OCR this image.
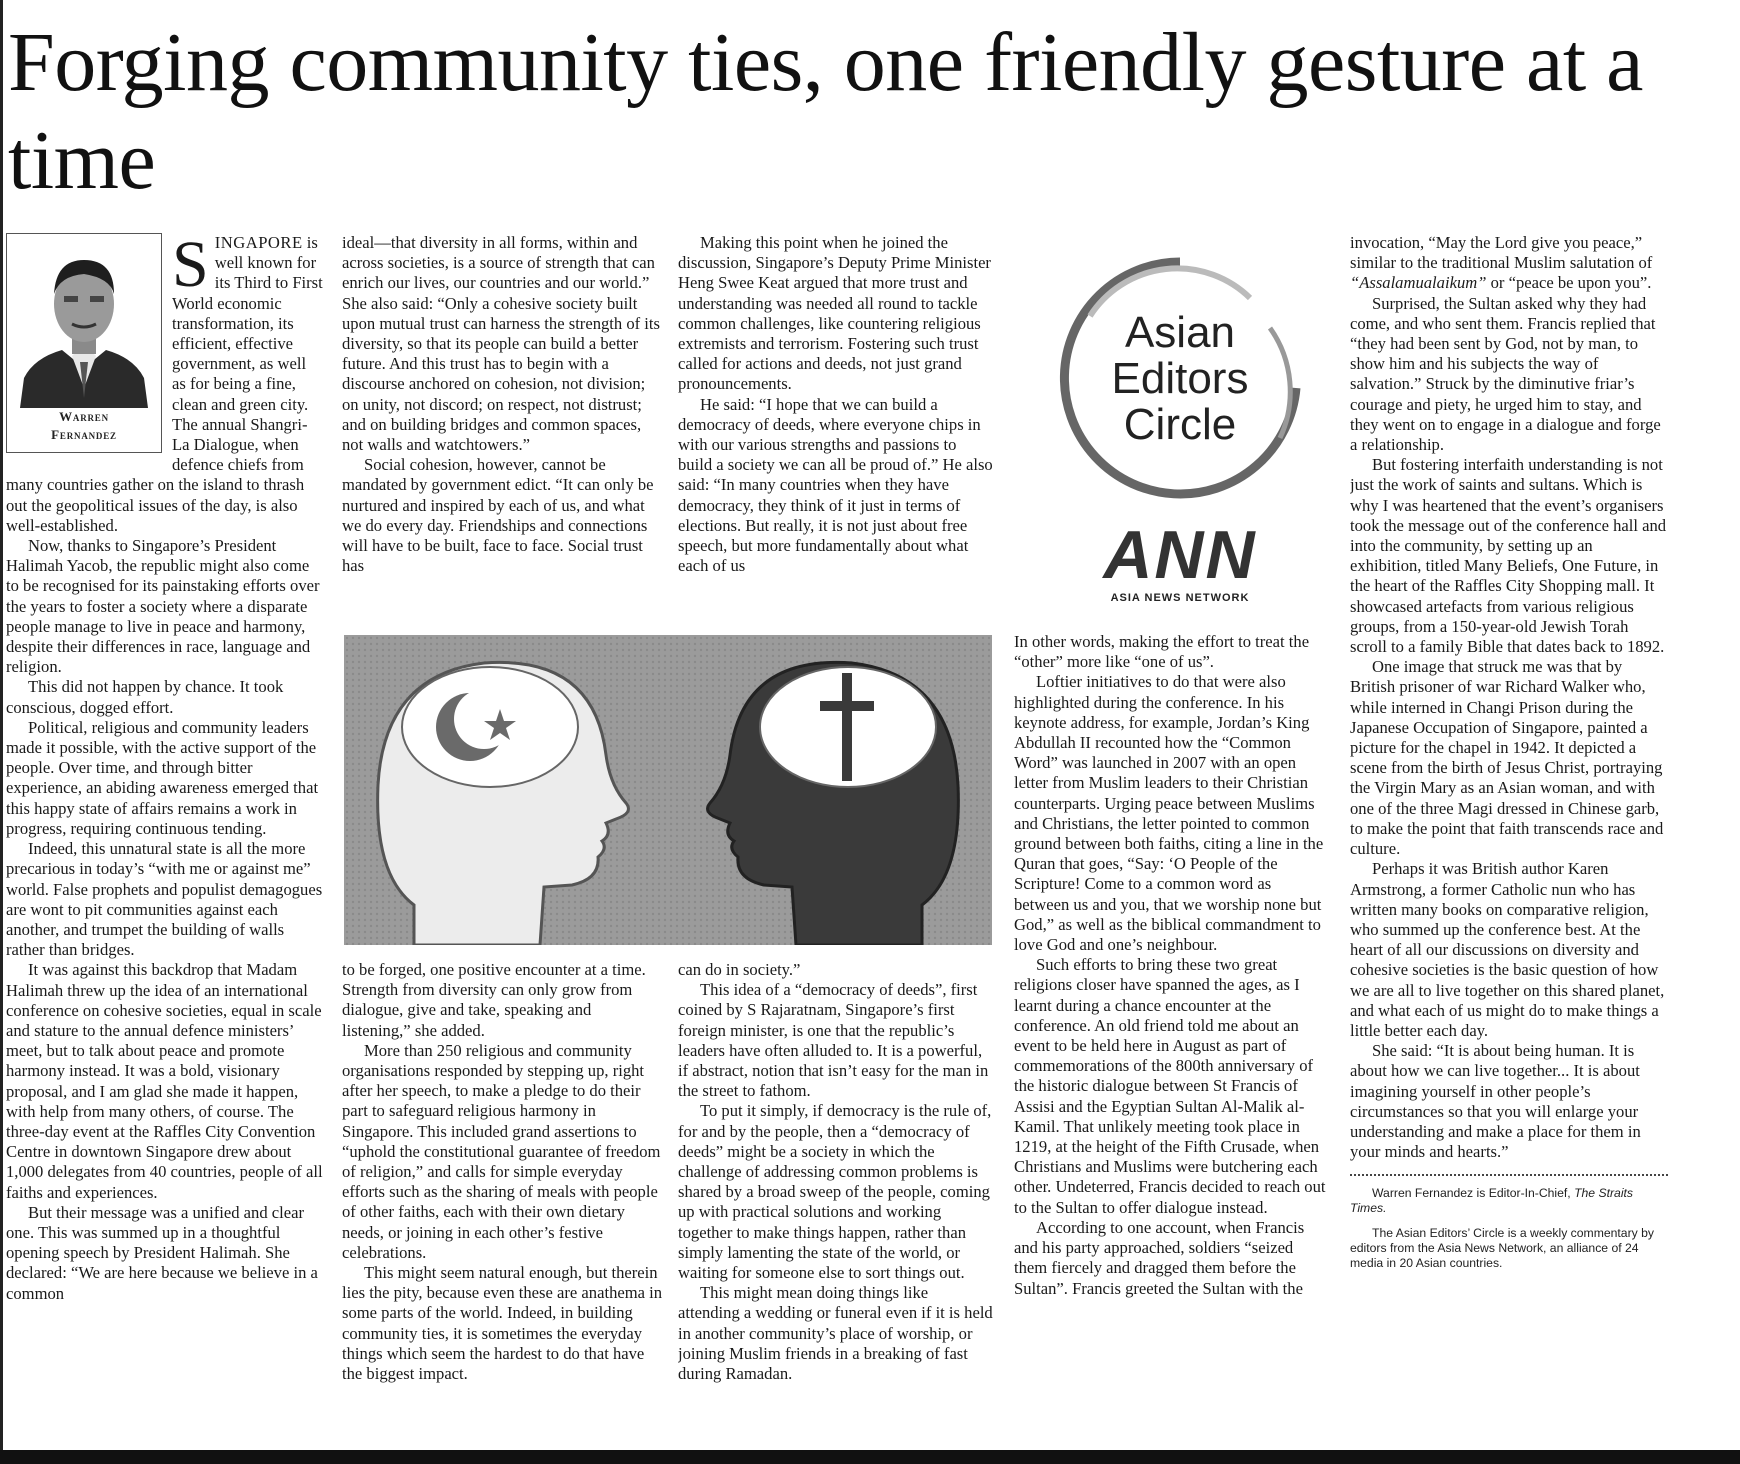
Forging community ties, one friendly gesture at a time
Warren
Fernandez

SINGAPORE is well known for its Third to First World economic transformation, its efficient, effective government, as well as for being a fine, clean and green city. The annual Shangri-La Dialogue, when defence chiefs from many countries gather on the island to thrash out the geopolitical issues of the day, is also well-established.

Now, thanks to Singapore’s President Halimah Yacob, the republic might also come to be recognised for its painstaking efforts over the years to foster a society where a disparate people manage to live in peace and harmony, despite their differences in race, language and religion.

This did not happen by chance. It took conscious, dogged effort.

Political, religious and community leaders made it possible, with the active support of the people. Over time, and through bitter experience, an abiding awareness emerged that this happy state of affairs remains a work in progress, requiring continuous tending.

Indeed, this unnatural state is all the more precarious in today’s “with me or against me” world. False prophets and populist demagogues are wont to pit communities against each another, and trumpet the building of walls rather than bridges.

It was against this backdrop that Madam Halimah threw up the idea of an international conference on cohesive societies, equal in scale and stature to the annual defence ministers’ meet, but to talk about peace and promote harmony instead. It was a bold, visionary proposal, and I am glad she made it happen, with help from many others, of course. The three-day event at the Raffles City Convention Centre in downtown Singapore drew about 1,000 delegates from 40 countries, people of all faiths and experiences.

But their message was a unified and clear one. This was summed up in a thoughtful opening speech by President Halimah. She declared: “We are here because we believe in a common

ideal—that diversity in all forms, within and across societies, is a source of strength that can enrich our lives, our countries and our world.” She also said: “Only a cohesive society built upon mutual trust can harness the strength of its diversity, so that its people can build a better future. And this trust has to begin with a discourse anchored on cohesion, not division; on unity, not discord; on respect, not distrust; and on building bridges and common spaces, not walls and watchtowers.”

Social cohesion, however, cannot be mandated by government edict. “It can only be nurtured and inspired by each of us, and what we do every day. Friendships and connections will have to be built, face to face. Social trust has

to be forged, one positive encounter at a time. Strength from diversity can only grow from dialogue, give and take, speaking and listening,” she added.

More than 250 religious and community organisations responded by stepping up, right after her speech, to make a pledge to do their part to safeguard religious harmony in Singapore. This included grand assertions to “uphold the constitutional guarantee of freedom of religion,” and calls for simple everyday efforts such as the sharing of meals with people of other faiths, each with their own dietary needs, or joining in each other’s festive celebrations.

This might seem natural enough, but therein lies the pity, because even these are anathema in some parts of the world. Indeed, in building community ties, it is sometimes the everyday things which seem the hardest to do that have the biggest impact.

Making this point when he joined the discussion, Singapore’s Deputy Prime Minister Heng Swee Keat argued that more trust and understanding was needed all round to tackle common challenges, like countering religious extremists and terrorism. Fostering such trust called for actions and deeds, not just grand pronouncements.

He said: “I hope that we can build a democracy of deeds, where everyone chips in with our various strengths and passions to build a society we can all be proud of.” He also said: “In many countries when they have democracy, they think of it just in terms of elections. But really, it is not just about free speech, but more fundamentally about what each of us

can do in society.”

This idea of a “democracy of deeds”, first coined by S Rajaratnam, Singapore’s first foreign minister, is one that the republic’s leaders have often alluded to. It is a powerful, if abstract, notion that isn’t easy for the man in the street to fathom.

To put it simply, if democracy is the rule of, for and by the people, then a “democracy of deeds” might be a society in which the challenge of addressing common problems is shared by a broad sweep of the people, coming up with practical solutions and working together to make things happen, rather than simply lamenting the state of the world, or waiting for someone else to sort things out.

This might mean doing things like attending a wedding or funeral even if it is held in another community’s place of worship, or joining Muslim friends in a breaking of fast during Ramadan.

Asian
Editors
Circle
ANN
ASIA NEWS NETWORK

In other words, making the effort to treat the “other” more like “one of us”.

Loftier initiatives to do that were also highlighted during the conference. In his keynote address, for example, Jordan’s King Abdullah II recounted how the “Common Word” was launched in 2007 with an open letter from Muslim leaders to their Christian counterparts. Urging peace between Muslims and Christians, the letter pointed to common ground between both faiths, citing a line in the Quran that goes, “Say: ‘O People of the Scripture! Come to a common word as between us and you, that we worship none but God,” as well as the biblical commandment to love God and one’s neighbour.

Such efforts to bring these two great religions closer have spanned the ages, as I learnt during a chance encounter at the conference. An old friend told me about an event to be held here in August as part of commemorations of the 800th anniversary of the historic dialogue between St Francis of Assisi and the Egyptian Sultan Al-Malik al-Kamil. That unlikely meeting took place in 1219, at the height of the Fifth Crusade, when Christians and Muslims were butchering each other. Undeterred, Francis decided to reach out to the Sultan to offer dialogue instead.

According to one account, when Francis and his party approached, soldiers “seized them fiercely and dragged them before the Sultan”. Francis greeted the Sultan with the

invocation, “May the Lord give you peace,” similar to the traditional Muslim salutation of “Assalamualaikum” or “peace be upon you”.

Surprised, the Sultan asked why they had come, and who sent them. Francis replied that “they had been sent by God, not by man, to show him and his subjects the way of salvation.” Struck by the diminutive friar’s courage and piety, he urged him to stay, and they went on to engage in a dialogue and forge a relationship.

But fostering interfaith understanding is not just the work of saints and sultans. Which is why I was heartened that the event’s organisers took the message out of the conference hall and into the community, by setting up an exhibition, titled Many Beliefs, One Future, in the heart of the Raffles City Shopping mall. It showcased artefacts from various religious groups, from a 150-year-old Jewish Torah scroll to a family Bible that dates back to 1892.

One image that struck me was that by British prisoner of war Richard Walker who, while interned in Changi Prison during the Japanese Occupation of Singapore, painted a picture for the chapel in 1942. It depicted a scene from the birth of Jesus Christ, portraying the Virgin Mary as an Asian woman, and with one of the three Magi dressed in Chinese garb, to make the point that faith transcends race and culture.

Perhaps it was British author Karen Armstrong, a former Catholic nun who has written many books on comparative religion, who summed up the conference best. At the heart of all our discussions on diversity and cohesive societies is the basic question of how we are all to live together on this shared planet, and what each of us might do to make things a little better each day.

She said: “It is about being human. It is about how we can live together... It is about imagining yourself in other people’s circumstances so that you will enlarge your understanding and make a place for them in your minds and hearts.”

Warren Fernandez is Editor-In-Chief, The Straits Times.

The Asian Editors’ Circle is a weekly commentary by editors from the Asia News Network, an alliance of 24 media in 20 Asian countries.
